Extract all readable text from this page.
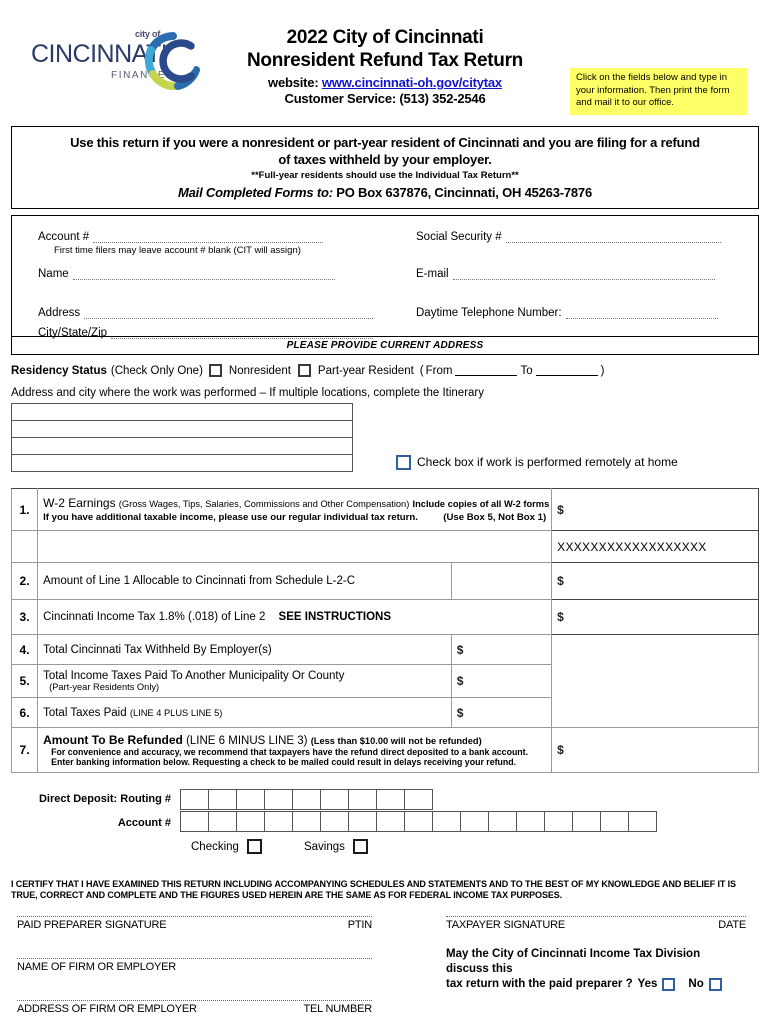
city of
CINCINNATI
FINANCE
2022 City of Cincinnati
Nonresident Refund Tax Return
website: www.cincinnati-oh.gov/citytax
Customer Service: (513) 352-2546
Click on the fields below and type in your information. Then print the form and mail it to our office.
Use this return if you were a nonresident or part-year resident of Cincinnati and you are filing for a refund
of taxes withheld by your employer.
**Full-year residents should use the Individual Tax Return**
Mail Completed Forms to: PO Box 637876, Cincinnati, OH 45263-7876
Account #
First time filers may leave account # blank (CIT will assign)
Name
Address
City/State/Zip
Social Security #
E-mail
Daytime Telephone Number:
PLEASE PROVIDE CURRENT ADDRESS
Residency Status (Check Only One) Nonresident Part-year Resident ( From	To	)
Address and city where the work was performed – If multiple locations, complete the Itinerary
Check box if work is performed remotely at home
1.	W-2 Earnings (Gross Wages, Tips, Salaries, Commissions and Other Compensation) Include copies of all W-2 forms
If you have additional taxable income, please use our regular individual tax return. (Use Box 5, Not Box 1)		$
			XXXXXXXXXXXXXXXXXX
2.	Amount of Line 1 Allocable to Cincinnati from Schedule L-2-C		$
3.	Cincinnati Income Tax 1.8% (.018) of Line 2 SEE INSTRUCTIONS		$
4.	Total Cincinnati Tax Withheld By Employer(s)	$	
5.	Total Income Taxes Paid To Another Municipality Or County
(Part-year Residents Only)	$	
6.	Total Taxes Paid (LINE 4 PLUS LINE 5)	$	
7.	Amount To Be Refunded (LINE 6 MINUS LINE 3) (Less than $10.00 will not be refunded)
For convenience and accuracy, we recommend that taxpayers have the refund direct deposited to a bank account.
Enter banking information below. Requesting a check to be mailed could result in delays receiving your refund.		$
Direct Deposit: Routing #
Account #
Checking	Savings
I CERTIFY THAT I HAVE EXAMINED THIS RETURN INCLUDING ACCOMPANYING SCHEDULES AND STATEMENTS AND TO THE BEST OF MY KNOWLEDGE AND BELIEF IT IS
TRUE, CORRECT AND COMPLETE AND THE FIGURES USED HEREIN ARE THE SAME AS FOR FEDERAL INCOME TAX PURPOSES.
PAID PREPARER SIGNATURE	PTIN
NAME OF FIRM OR EMPLOYER
ADDRESS OF FIRM OR EMPLOYER	TEL NUMBER
TAXPAYER SIGNATURE	DATE
May the City of Cincinnati Income Tax Division discuss this
tax return with the paid preparer ? Yes	No
